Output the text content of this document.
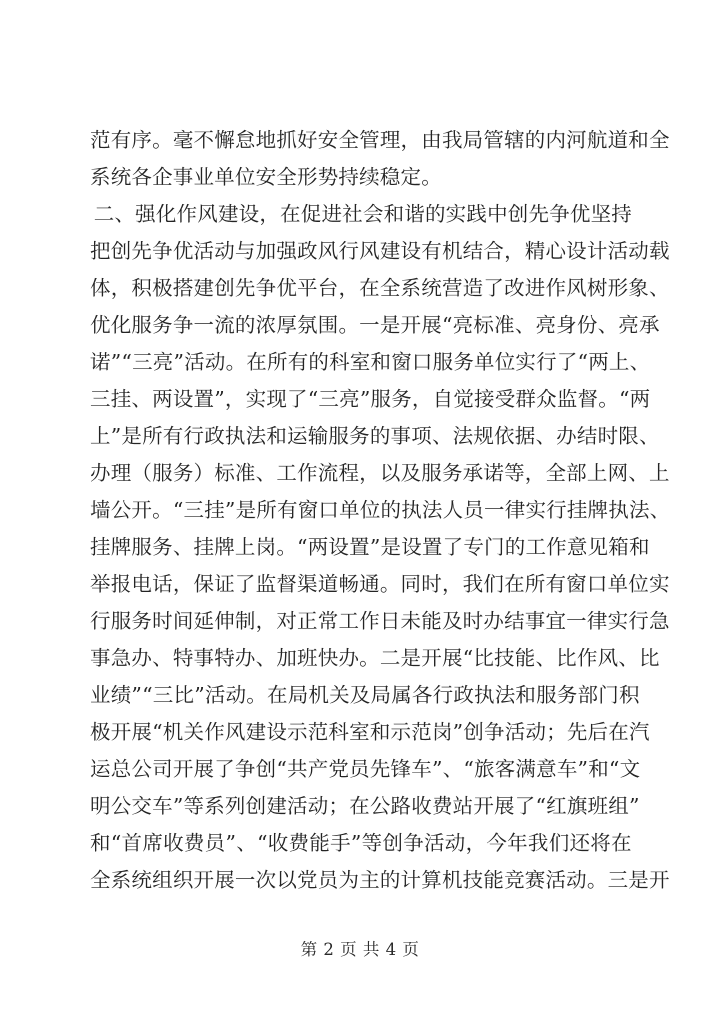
范 有 序 。 毫 不 懈 怠 地 抓 好 安 全 管 理 ， 由 我 局 管 辖 的 内 河 航 道 和 全
系统各企事业单位安全形势持续稳定。
二 、 强 化 作 风 建 设 ， 在 促 进 社 会 和 谐 的 实 践 中 创 先 争 优 坚 持
把 创 先 争 优 活 动 与 加 强 政 风 行 风 建 设 有 机 结 合 ， 精 心 设 计 活 动 载
体 ， 积 极 搭 建 创 先 争 优 平 台 ， 在 全 系 统 营 造 了 改 进 作 风 树 形 象 、
优 化 服 务 争 一 流 的 浓 厚 氛 围 。 一 是 开 展 “ 亮 标 准 、 亮 身 份 、 亮 承
诺 ” “ 三 亮 ” 活 动 。 在 所 有 的 科 室 和 窗 口 服 务 单 位 实 行 了 “ 两 上 、
三 挂 、 两 设 置 ” ， 实 现 了 “ 三 亮 ” 服 务 ， 自 觉 接 受 群 众 监 督 。 “ 两
上 ” 是 所 有 行 政 执 法 和 运 输 服 务 的 事 项 、 法 规 依 据 、 办 结 时 限 、
办 理 （ 服 务 ） 标 准 、 工 作 流 程 ， 以 及 服 务 承 诺 等 ， 全 部 上 网 、 上
墙 公 开 。 “ 三 挂 ” 是 所 有 窗 口 单 位 的 执 法 人 员 一 律 实 行 挂 牌 执 法 、
挂 牌 服 务 、 挂 牌 上 岗 。 “ 两 设 置 ” 是 设 置 了 专 门 的 工 作 意 见 箱 和
举 报 电 话 ， 保 证 了 监 督 渠 道 畅 通 。 同 时 ， 我 们 在 所 有 窗 口 单 位 实
行 服 务 时 间 延 伸 制 ， 对 正 常 工 作 日 未 能 及 时 办 结 事 宜 一 律 实 行 急
事 急 办 、 特 事 特 办 、 加 班 快 办 。 二 是 开 展 “ 比 技 能 、 比 作 风 、 比
业 绩 ” “ 三 比 ” 活 动 。 在 局 机 关 及 局 属 各 行 政 执 法 和 服 务 部 门 积
极 开 展 “ 机 关 作 风 建 设 示 范 科 室 和 示 范 岗 ” 创 争 活 动 ； 先 后 在 汽
运 总 公 司 开 展 了 争 创 “ 共 产 党 员 先 锋 车 ” 、 “ 旅 客 满 意 车 ” 和 “ 文
明 公 交 车 ” 等 系 列 创 建 活 动 ； 在 公 路 收 费 站 开 展 了 “ 红 旗 班 组 ”
和 “ 首 席 收 费 员 ” 、 “ 收 费 能 手 ” 等 创 争 活 动 ， 今 年 我 们 还 将 在
全 系 统 组 织 开 展 一 次 以 党 员 为 主 的 计 算 机 技 能 竞 赛 活 动 。 三 是 开
第 2 页 共 4 页
